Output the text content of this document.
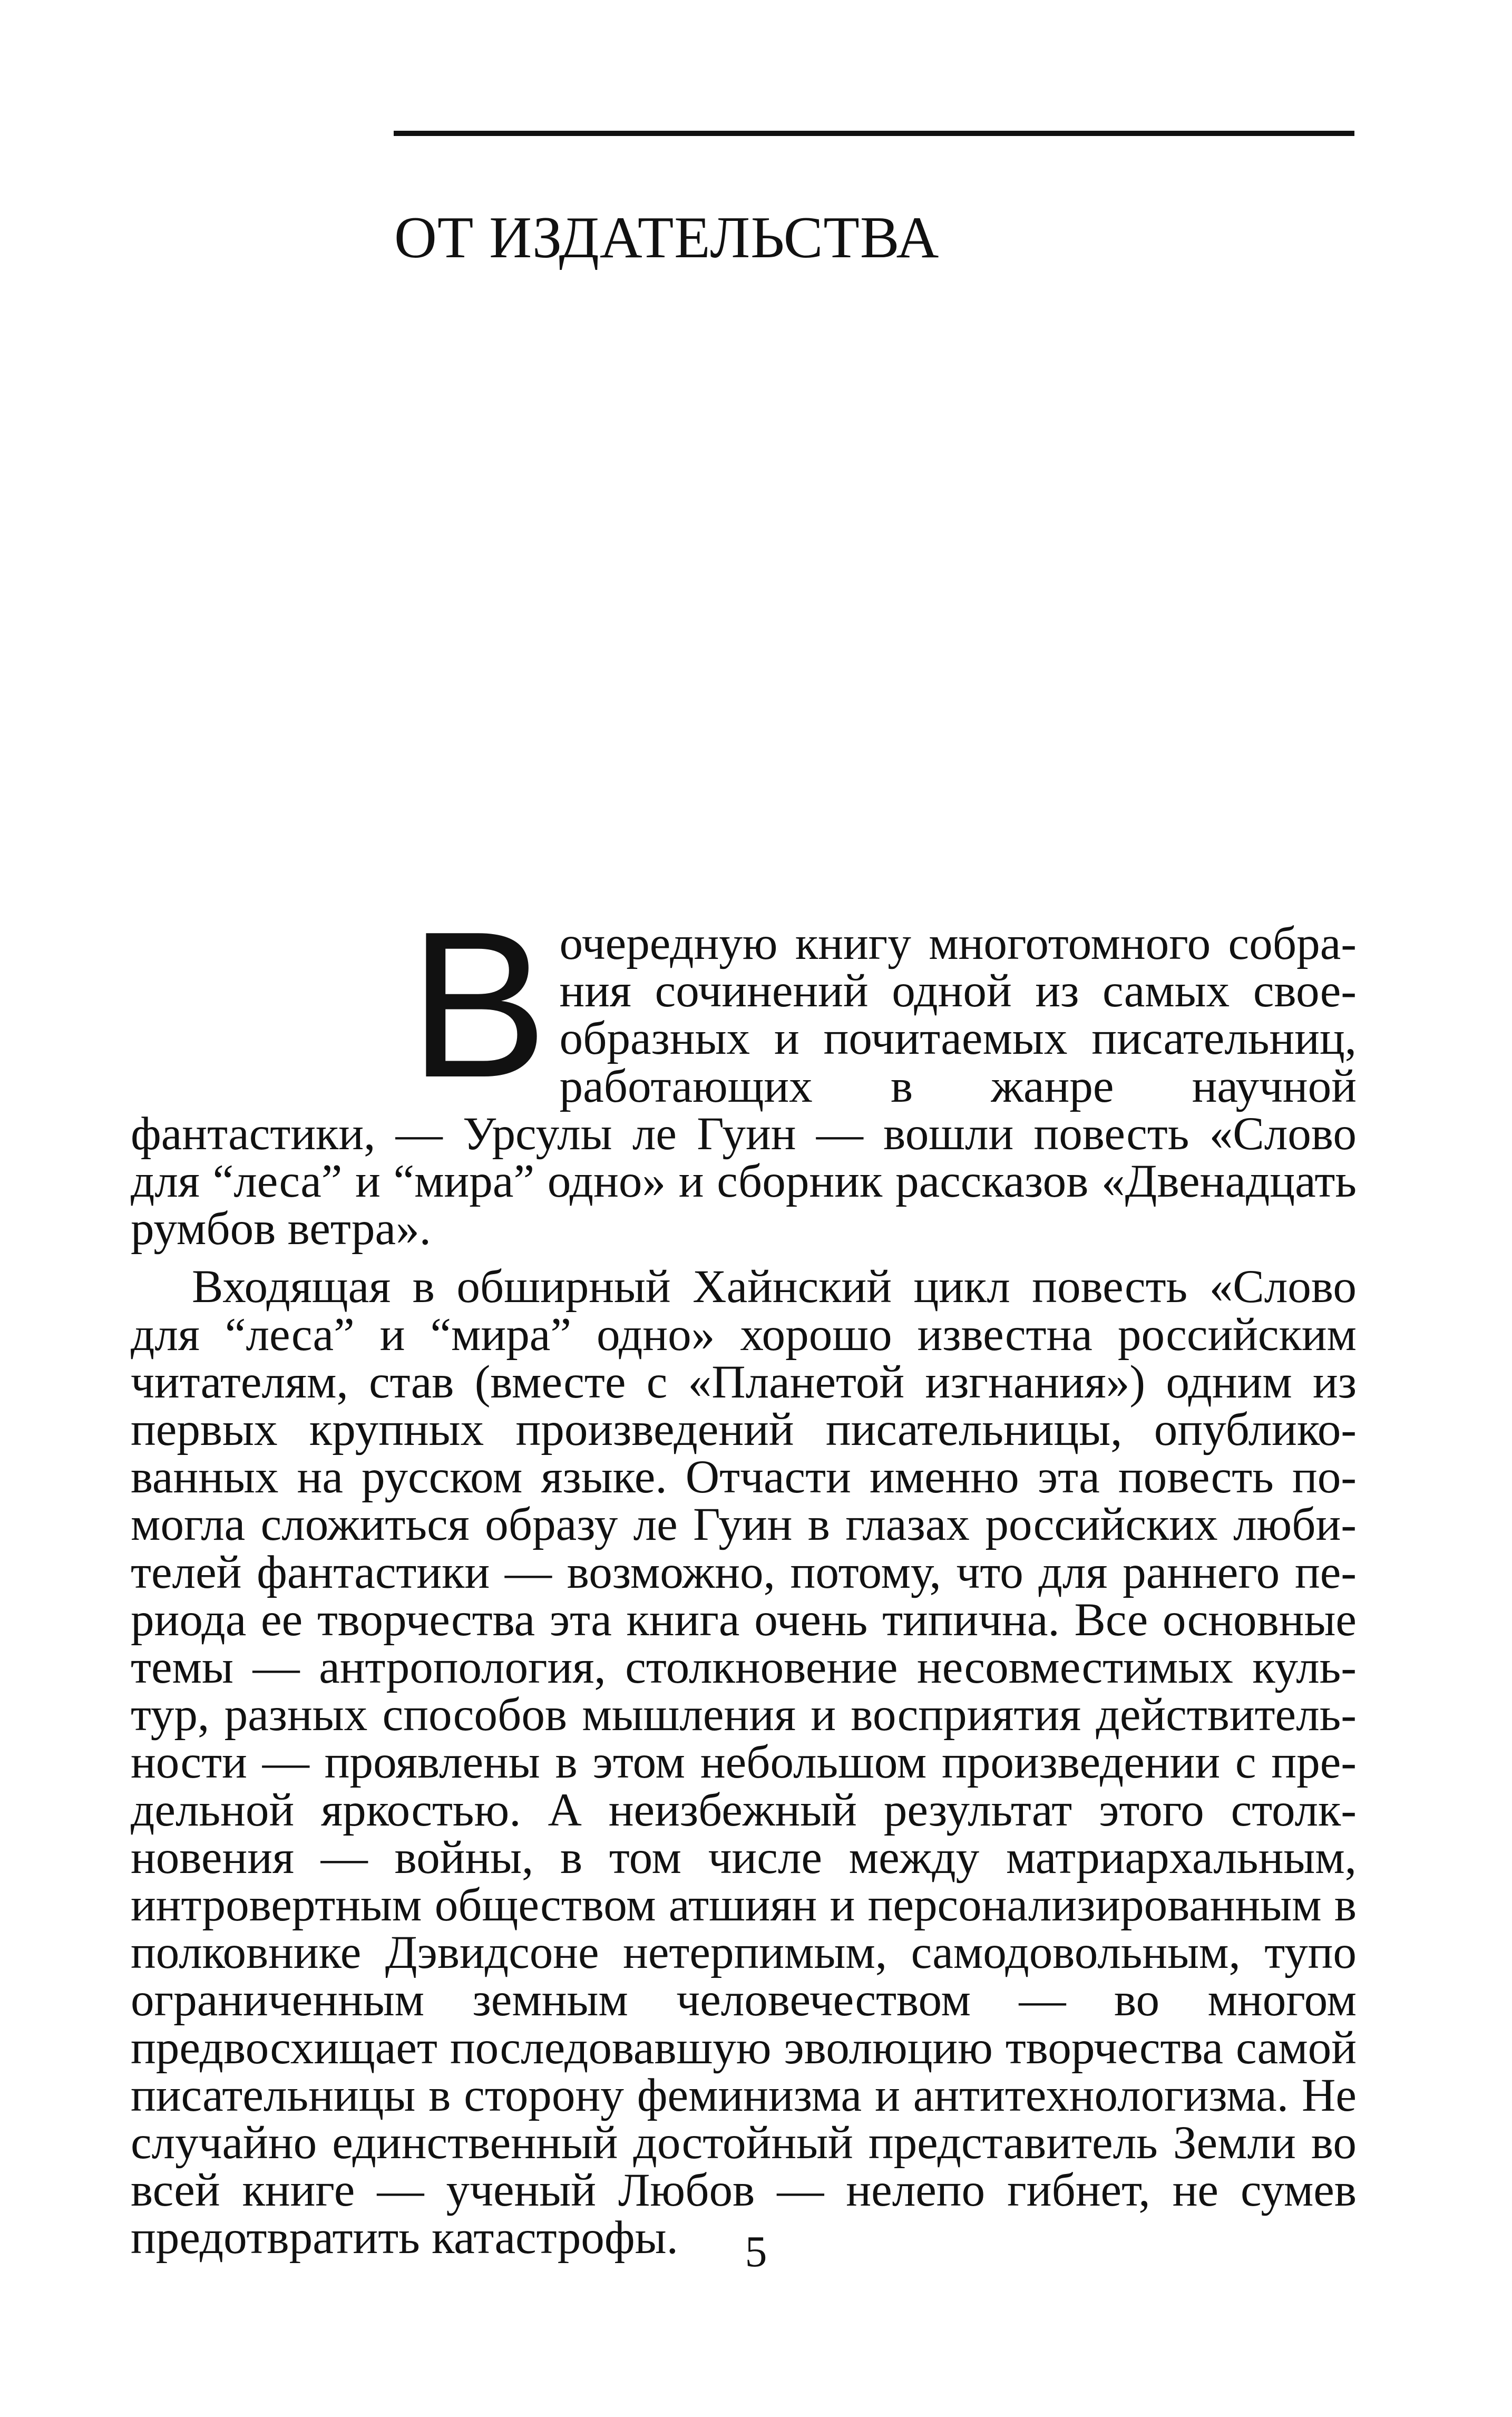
ОТ ИЗДАТЕЛЬСТВА

Вочередную книгу многотомного собрания сочинений одной из самых своеобразных и почитаемых писательниц, работающих в жанре научной фантастики, — Урсулы ле Гуин — вошли повесть «Слово для “леса” и “мира” одно» и сборник рассказов «Двенадцать румбов ветра».

Входящая в обширный Хайнский цикл повесть «Слово для “леса” и “мира” одно» хорошо известна российским читателям, став (вместе с «Планетой изгнания») одним из первых крупных произведений писательницы, опубликованных на русском языке. Отчасти именно эта повесть помогла сложиться образу ле Гуин в глазах российских любителей фантастики — возможно, потому, что для раннего периода ее творчества эта книга очень типична. Все основные темы — антропология, столкновение несовместимых культур, разных способов мышления и восприятия действительности — проявлены в этом небольшом произведении с предельной яркостью. А неизбежный результат этого столкновения — войны, в том числе между матриархальным, интровертным обществом атшиян и персонализированным в полковнике Дэвидсоне нетерпимым, самодовольным, тупо ограниченным земным человечеством — во многом предвосхищает последовавшую эволюцию творчества самой писательницы в сторону феминизма и антитехнологизма. Не случайно единственный достойный представитель Земли во всей книге — ученый Любов — нелепо гибнет, не сумев предотвратить катастрофы.	5
